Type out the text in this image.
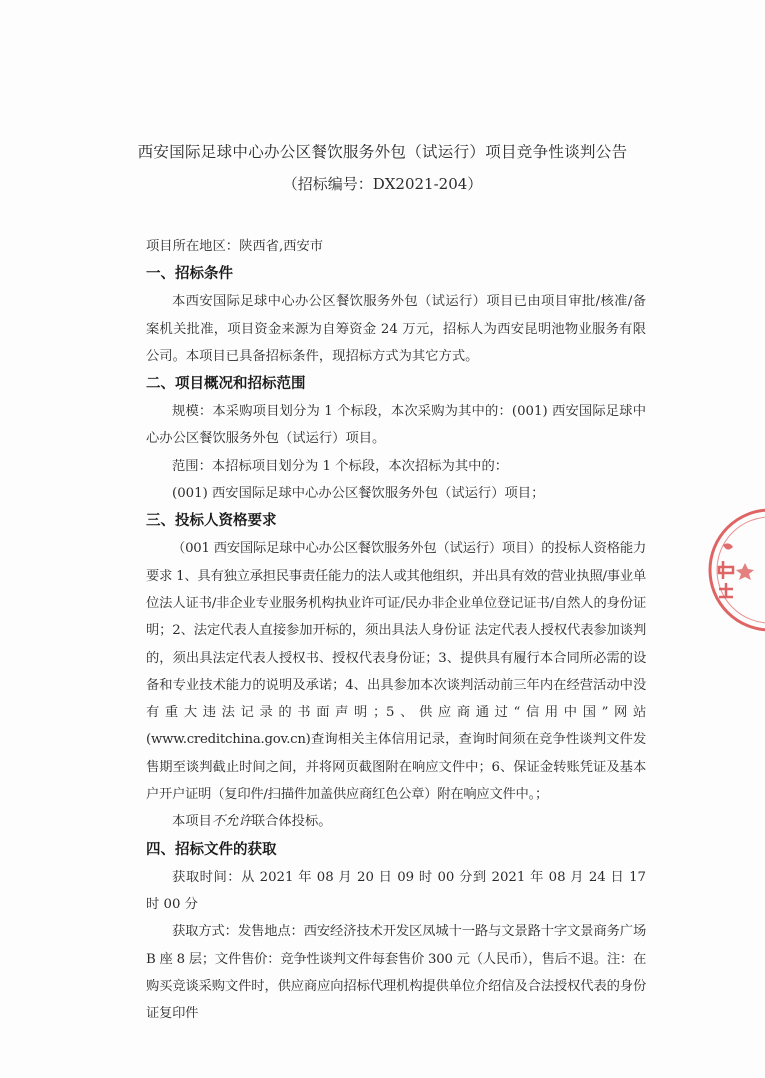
西安国际足球中心办公区餐饮服务外包（试运行）项目竞争性谈判公告
（招标编号：DX2021-204）

项目所在地区：陕西省,西安市

一、招标条件

本西安国际足球中心办公区餐饮服务外包（试运行）项目已由项目审批/核准/备案机关批准，项目资金来源为自筹资金 24 万元，招标人为西安昆明池物业服务有限公司。本项目已具备招标条件，现招标方式为其它方式。

二、项目概况和招标范围

规模：本采购项目划分为 1 个标段，本次采购为其中的：(001) 西安国际足球中心办公区餐饮服务外包（试运行）项目。

范围：本招标项目划分为 1 个标段，本次招标为其中的：

(001) 西安国际足球中心办公区餐饮服务外包（试运行）项目；

三、投标人资格要求

（001 西安国际足球中心办公区餐饮服务外包（试运行）项目）的投标人资格能力要求 1、具有独立承担民事责任能力的法人或其他组织，并出具有效的营业执照/事业单位法人证书/非企业专业服务机构执业许可证/民办非企业单位登记证书/自然人的身份证明；2、法定代表人直接参加开标的，须出具法人身份证 法定代表人授权代表参加谈判的，须出具法定代表人授权书、授权代表身份证；3、提供具有履行本合同所必需的设备和专业技术能力的说明及承诺；4、出具参加本次谈判活动前三年内在经营活动中没有重大违法记录的书面声明；5、供应商通过“信用中国”网站(www.creditchina.gov.cn)查询相关主体信用记录，查询时间须在竞争性谈判文件发售期至谈判截止时间之间，并将网页截图附在响应文件中；6、保证金转账凭证及基本户开户证明（复印件/扫描件加盖供应商红色公章）附在响应文件中。；

本项目不允许联合体投标。

四、招标文件的获取

获取时间：从 2021 年 08 月 20 日 09 时 00 分到 2021 年 08 月 24 日 17 时 00 分

获取方式：发售地点：西安经济技术开发区凤城十一路与文景路十字文景商务广场 B 座 8 层；文件售价：竞争性谈判文件每套售价 300 元（人民币），售后不退。注：在购买竞谈采购文件时，供应商应向招标代理机构提供单位介绍信及合法授权代表的身份证复印件
